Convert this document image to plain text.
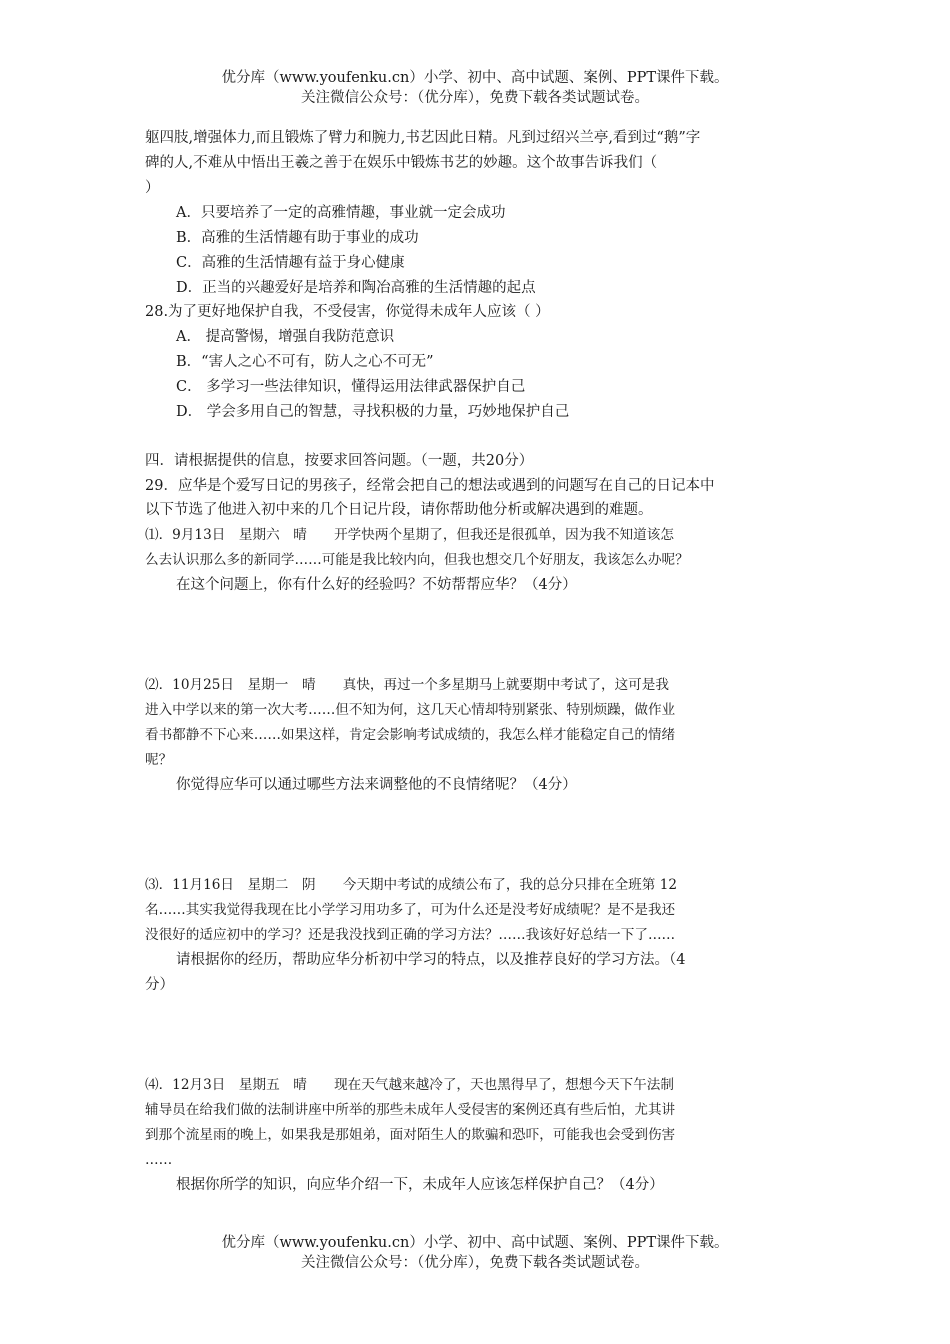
优分库（www.youfenku.cn）小学、初中、高中试题、案例、PPT课件下载。
关注微信公众号：（优分库），免费下载各类试题试卷。
躯四肢,增强体力,而且锻炼了臂力和腕力,书艺因此日精。凡到过绍兴兰亭,看到过“鹅”字
碑的人,不难从中悟出王羲之善于在娱乐中锻炼书艺的妙趣。这个故事告诉我们（
）
A．只要培养了一定的高雅情趣，事业就一定会成功
B．高雅的生活情趣有助于事业的成功
C．高雅的生活情趣有益于身心健康
D．正当的兴趣爱好是培养和陶冶高雅的生活情趣的起点
28.为了更好地保护自我，不受侵害，你觉得未成年人应该（ ）
A． 提高警惕，增强自我防范意识
B．“害人之心不可有，防人之心不可无”
C． 多学习一些法律知识，懂得运用法律武器保护自己
D． 学会多用自己的智慧，寻找积极的力量，巧妙地保护自己
四．请根据提供的信息，按要求回答问题。（一题，共20分）
29．应华是个爱写日记的男孩子，经常会把自己的想法或遇到的问题写在自己的日记本中
以下节选了他进入初中来的几个日记片段，请你帮助他分析或解决遇到的难题。
⑴．9月13日　星期六　晴　　开学快两个星期了，但我还是很孤单，因为我不知道该怎
么去认识那么多的新同学……可能是我比较内向，但我也想交几个好朋友，我该怎么办呢？
在这个问题上，你有什么好的经验吗？不妨帮帮应华？（4分）
⑵．10月25日　星期一　晴　　真快，再过一个多星期马上就要期中考试了，这可是我
进入中学以来的第一次大考……但不知为何，这几天心情却特别紧张、特别烦躁，做作业
看书都静不下心来……如果这样，肯定会影响考试成绩的，我怎么样才能稳定自己的情绪
呢？
你觉得应华可以通过哪些方法来调整他的不良情绪呢？（4分）
⑶．11月16日　星期二　阴　　今天期中考试的成绩公布了，我的总分只排在全班第 12
名……其实我觉得我现在比小学学习用功多了，可为什么还是没考好成绩呢？是不是我还
没很好的适应初中的学习？还是我没找到正确的学习方法？……我该好好总结一下了……
请根据你的经历，帮助应华分析初中学习的特点，以及推荐良好的学习方法。（4
分）
⑷．12月3日　星期五　晴　　现在天气越来越冷了，天也黑得早了，想想今天下午法制
辅导员在给我们做的法制讲座中所举的那些未成年人受侵害的案例还真有些后怕，尤其讲
到那个流星雨的晚上，如果我是那姐弟，面对陌生人的欺骗和恐吓，可能我也会受到伤害
……
根据你所学的知识，向应华介绍一下，未成年人应该怎样保护自己？（4分）
优分库（www.youfenku.cn）小学、初中、高中试题、案例、PPT课件下载。
关注微信公众号：（优分库），免费下载各类试题试卷。
